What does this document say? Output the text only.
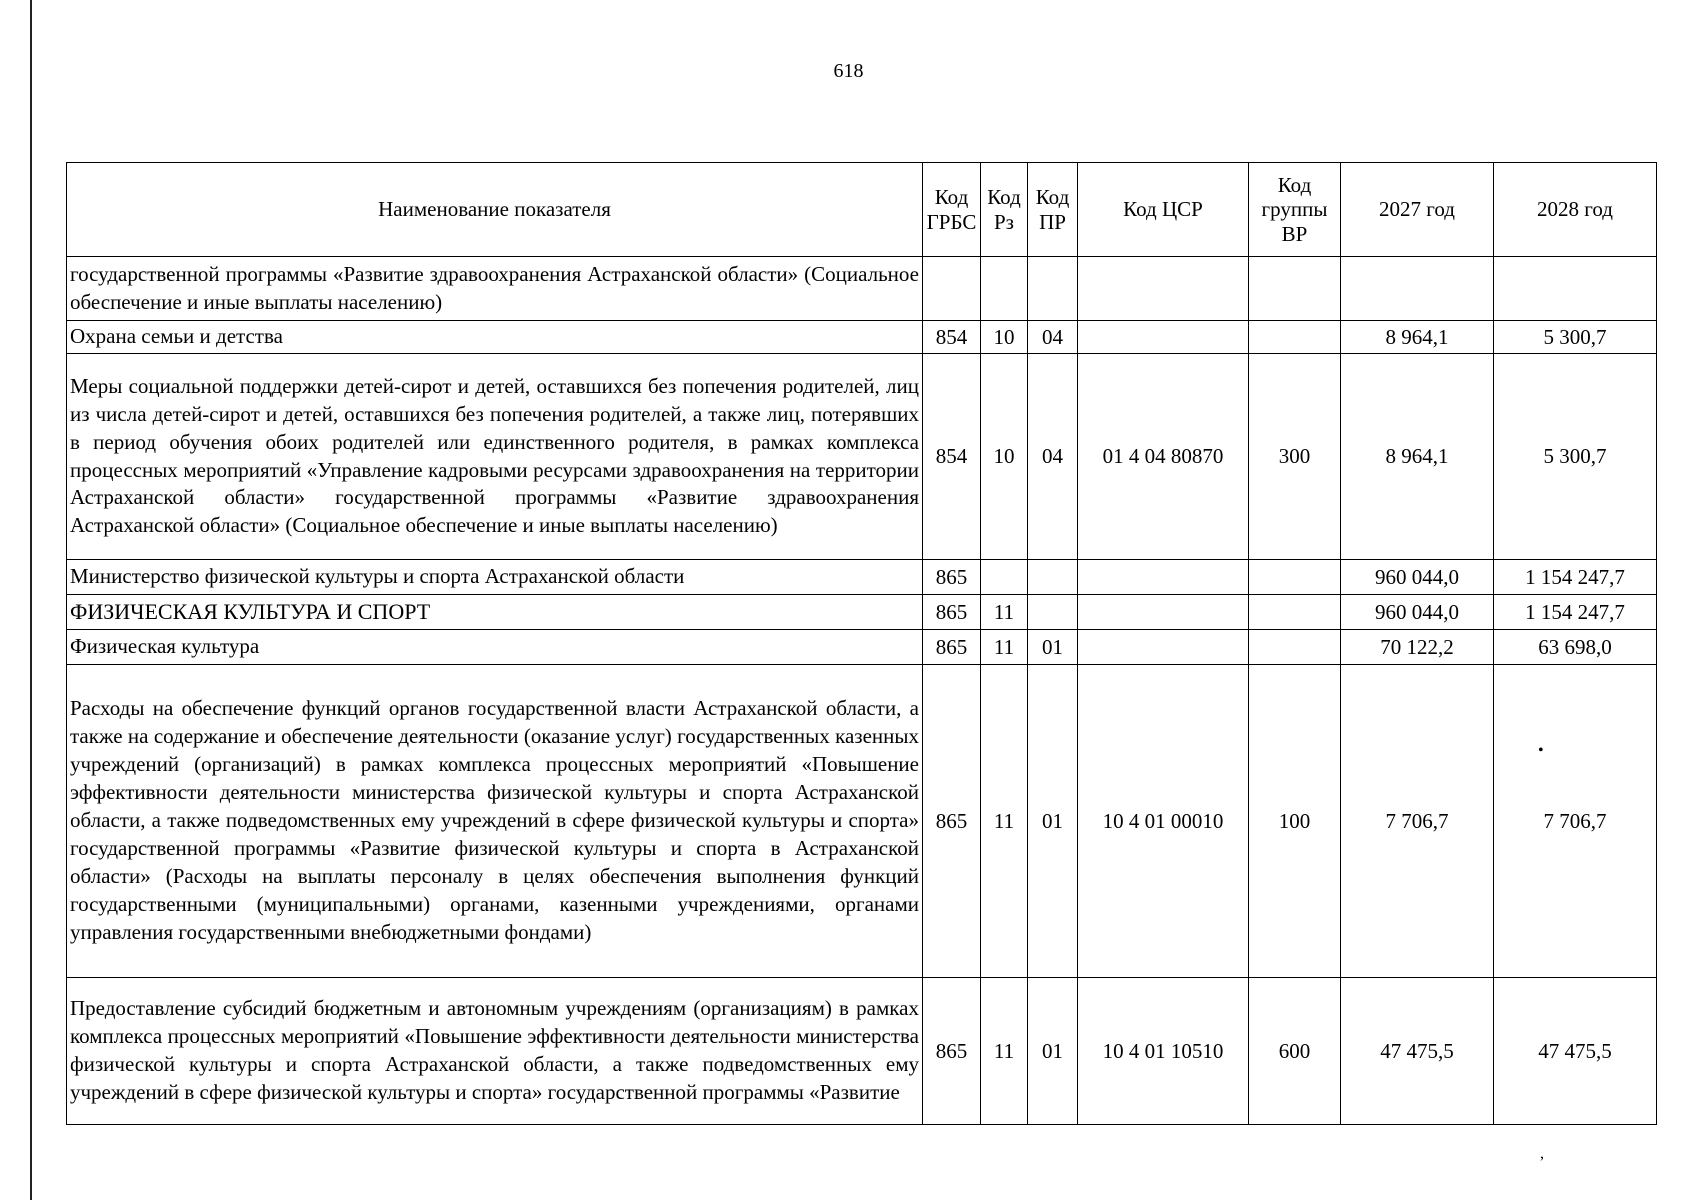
618
•
,
Наименование показателя	Код ГРБС	Код Рз	Код ПР	Код ЦСР	Код группы ВР	2027 год	2028 год
государственной программы «Развитие здравоохранения Астраханской области» (Социальное обеспечение и иные выплаты населению)							
Охрана семьи и детства	854	10	04			8 964,1	5 300,7
Меры социальной поддержки детей-сирот и детей, оставшихся без попечения родителей, лиц из числа детей-сирот и детей, оставшихся без попечения родителей, а также лиц, потерявших в период обучения обоих родителей или единственного родителя, в рамках комплекса процессных мероприятий «Управление кадровыми ресурсами здравоохранения на территории Астраханской области» государственной программы «Развитие здравоохранения Астраханской области» (Социальное обеспечение и иные выплаты населению)	854	10	04	01 4 04 80870	300	8 964,1	5 300,7
Министерство физической культуры и спорта Астраханской области	865					960 044,0	1 154 247,7
ФИЗИЧЕСКАЯ КУЛЬТУРА И СПОРТ	865	11				960 044,0	1 154 247,7
Физическая культура	865	11	01			70 122,2	63 698,0
Расходы на обеспечение функций органов государственной власти Астраханской области, а также на содержание и обеспечение деятельности (оказание услуг) государственных казенных учреждений (организаций) в рамках комплекса процессных мероприятий «Повышение эффективности деятельности министерства физической культуры и спорта Астраханской области, а также подведомственных ему учреждений в сфере физической культуры и спорта» государственной программы «Развитие физической культуры и спорта в Астраханской области» (Расходы на выплаты персоналу в целях обеспечения выполнения функций государственными (муниципальными) органами, казенными учреждениями, органами управления государственными внебюджетными фондами)	865	11	01	10 4 01 00010	100	7 706,7	7 706,7
Предоставление субсидий бюджетным и автономным учреждениям (организациям) в рамках комплекса процессных мероприятий «Повышение эффективности деятельности министерства физической культуры и спорта Астраханской области, а также подведомственных ему учреждений в сфере физической культуры и спорта» государственной программы «Развитие	865	11	01	10 4 01 10510	600	47 475,5	47 475,5
